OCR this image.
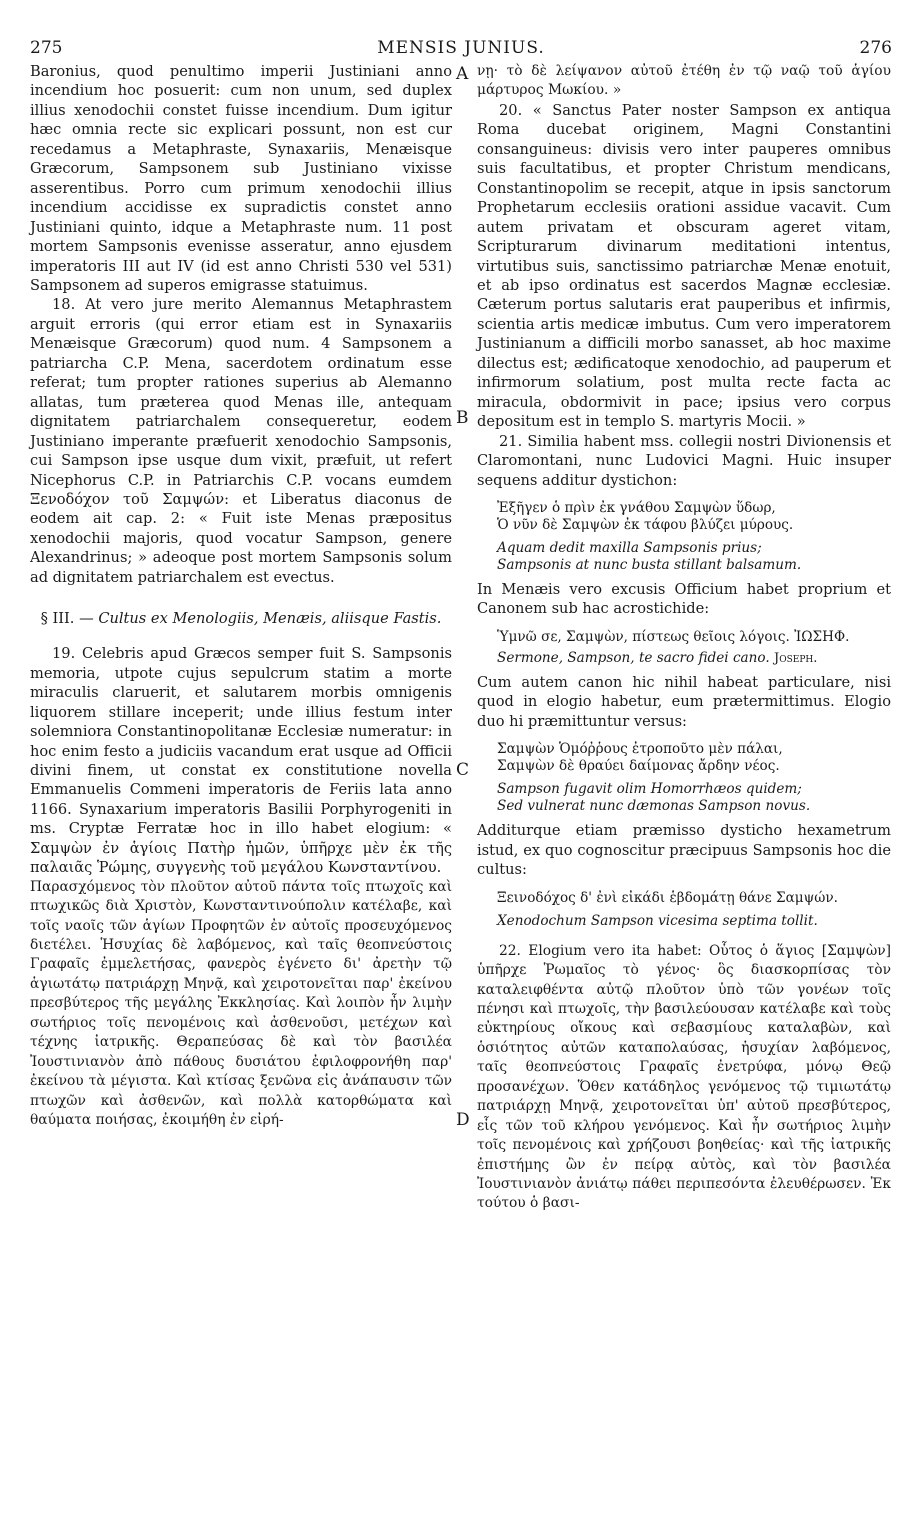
275	MENSIS JUNIUS.	276
A
B
C
D

Baronius, quod penultimo imperii Justiniani anno incendium hoc posuerit: cum non unum, sed duplex illius xenodochii constet fuisse incendium. Dum igitur hæc omnia recte sic explicari possunt, non est cur recedamus a Metaphraste, Synaxariis, Menæisque Græcorum, Sampsonem sub Justiniano vixisse asserentibus. Porro cum primum xenodochii illius incendium accidisse ex supradictis constet anno Justiniani quinto, idque a Metaphraste num. 11 post mortem Sampsonis evenisse asseratur, anno ejusdem imperatoris III aut IV (id est anno Christi 530 vel 531) Sampsonem ad superos emigrasse statuimus.

18. At vero jure merito Alemannus Metaphrastem arguit erroris (qui error etiam est in Synaxariis Menæisque Græcorum) quod num. 4 Sampsonem a patriarcha C.P. Mena, sacerdotem ordinatum esse referat; tum propter rationes superius ab Alemanno allatas, tum præterea quod Menas ille, antequam dignitatem patriarchalem consequeretur, eodem Justiniano imperante præfuerit xenodochio Sampsonis, cui Sampson ipse usque dum vixit, præfuit, ut refert Nicephorus C.P. in Patriarchis C.P. vocans eumdem Ξενοδόχον τοῦ Σαμψών: et Liberatus diaconus de eodem ait cap. 2: « Fuit iste Menas præpositus xenodochii majoris, quod vocatur Sampson, genere Alexandrinus; » adeoque post mortem Sampsonis solum ad dignitatem patriarchalem est evectus.

§ III. — Cultus ex Menologiis, Menæis, aliisque Fastis.

19. Celebris apud Græcos semper fuit S. Sampsonis memoria, utpote cujus sepulcrum statim a morte miraculis claruerit, et salutarem morbis omnigenis liquorem stillare inceperit; unde illius festum inter solemniora Constantinopolitanæ Ecclesiæ numeratur: in hoc enim festo a judiciis vacandum erat usque ad Officii divini finem, ut constat ex constitutione novella Emmanuelis Commeni imperatoris de Feriis lata anno 1166. Synaxarium imperatoris Basilii Porphyrogeniti in ms. Cryptæ Ferratæ hoc in illo habet elogium: « Σαμψὼν ἐν ἁγίοις Πατὴρ ἡμῶν, ὑπῆρχε μὲν ἐκ τῆς παλαιᾶς Ῥώμης, συγγενὴς τοῦ μεγάλου Κωνσταντίνου.

Παρασχόμενος τὸν πλοῦτον αὐτοῦ πάντα τοῖς πτωχοῖς καὶ πτωχικῶς διὰ Χριστὸν, Κωνσταντινούπολιν κατέλαβε, καὶ τοῖς ναοῖς τῶν ἁγίων Προφητῶν ἐν αὐτοῖς προσευχόμενος διετέλει. Ἡσυχίας δὲ λαβόμενος, καὶ ταῖς θεοπνεύστοις Γραφαῖς ἐμμελετήσας, φανερὸς ἐγένετο δι' ἀρετὴν τῷ ἁγιωτάτῳ πατριάρχῃ Μηνᾷ, καὶ χειροτονεῖται παρ' ἐκείνου πρεσβύτερος τῆς μεγάλης Ἐκκλησίας. Καὶ λοιπὸν ἦν λιμὴν σωτήριος τοῖς πενομένοις καὶ ἀσθενοῦσι, μετέχων καὶ τέχνης ἰατρικῆς. Θεραπεύσας δὲ καὶ τὸν βασιλέα Ἰουστινιανὸν ἀπὸ πάθους δυσιάτου ἐφιλοφρονήθη παρ' ἐκείνου τὰ μέγιστα. Καὶ κτίσας ξενῶνα εἰς ἀνάπαυσιν τῶν πτωχῶν καὶ ἀσθενῶν, καὶ πολλὰ κατορθώματα καὶ θαύματα ποιήσας, ἐκοιμήθη ἐν εἰρή-

νῃ· τὸ δὲ λείψανον αὐτοῦ ἐτέθη ἐν τῷ ναῷ τοῦ ἁγίου μάρτυρος Μωκίου. »

20. « Sanctus Pater noster Sampson ex antiqua Roma ducebat originem, Magni Constantini consanguineus: divisis vero inter pauperes omnibus suis facultatibus, et propter Christum mendicans, Constantinopolim se recepit, atque in ipsis sanctorum Prophetarum ecclesiis orationi assidue vacavit. Cum autem privatam et obscuram ageret vitam, Scripturarum divinarum meditationi intentus, virtutibus suis, sanctissimo patriarchæ Menæ enotuit, et ab ipso ordinatus est sacerdos Magnæ ecclesiæ. Cæterum portus salutaris erat pauperibus et infirmis, scientia artis medicæ imbutus. Cum vero imperatorem Justinianum a difficili morbo sanasset, ab hoc maxime dilectus est; ædificatoque xenodochio, ad pauperum et infirmorum solatium, post multa recte facta ac miracula, obdormivit in pace; ipsius vero corpus depositum est in templo S. martyris Mocii. »

21. Similia habent mss. collegii nostri Divionensis et Claromontani, nunc Ludovici Magni. Huic insuper sequens additur dystichon:

Ἐξῆγεν ὁ πρὶν ἐκ γνάθου Σαμψὼν ὕδωρ,
Ὁ νῦν δὲ Σαμψὼν ἐκ τάφου βλύζει μύρους.
Aquam dedit maxilla Sampsonis prius;
Sampsonis at nunc busta stillant balsamum.

In Menæis vero excusis Officium habet proprium et Canonem sub hac acrostichide:

Ὑμνῶ σε, Σαμψὼν, πίστεως θεῖοις λόγοις. ἸΩΣΗΦ.
Sermone, Sampson, te sacro fidei cano. Joseph.

Cum autem canon hic nihil habeat particulare, nisi quod in elogio habetur, eum prætermittimus. Elogio duo hi præmittuntur versus:

Σαμψὼν Ὁμόῤῥους ἐτροποῦτο μὲν πάλαι,
Σαμψὼν δὲ θραύει δαίμονας ἄρδην νέος.
Sampson fugavit olim Homorrhæos quidem;
Sed vulnerat nunc dæmonas Sampson novus.

Additurque etiam præmisso dysticho hexametrum istud, ex quo cognoscitur præcipuus Sampsonis hoc die cultus:

Ξεινοδόχος δ' ἐνὶ εἰκάδι ἑβδομάτῃ θάνε Σαμψών.
Xenodochum Sampson vicesima septima tollit.

22. Elogium vero ita habet: Οὗτος ὁ ἅγιος [Σαμψὼν] ὑπῆρχε Ῥωμαῖος τὸ γένος· ὃς διασκορπίσας τὸν καταλειφθέντα αὐτῷ πλοῦτον ὑπὸ τῶν γονέων τοῖς πένησι καὶ πτωχοῖς, τὴν βασιλεύουσαν κατέλαβε καὶ τοὺς εὐκτηρίους οἴκους καὶ σεβασμίους καταλαβὼν, καὶ ὁσιότητος αὐτῶν καταπολαύσας, ἡσυχίαν λαβόμενος, ταῖς θεοπνεύστοις Γραφαῖς ἐνετρύφα, μόνῳ Θεῷ προσανέχων. Ὅθεν κατάδηλος γενόμενος τῷ τιμιωτάτῳ πατριάρχῃ Μηνᾷ, χειροτονεῖται ὑπ' αὐτοῦ πρεσβύτερος, εἷς τῶν τοῦ κλήρου γενόμενος. Καὶ ἦν σωτήριος λιμὴν τοῖς πενομένοις καὶ χρήζουσι βοηθείας· καὶ τῆς ἰατρικῆς ἐπιστήμης ὢν ἐν πείρᾳ αὐτὸς, καὶ τὸν βασιλέα Ἰουστινιανὸν ἀνιάτῳ πάθει περιπεσόντα ἐλευθέρωσεν. Ἐκ τούτου ὁ βασι-
